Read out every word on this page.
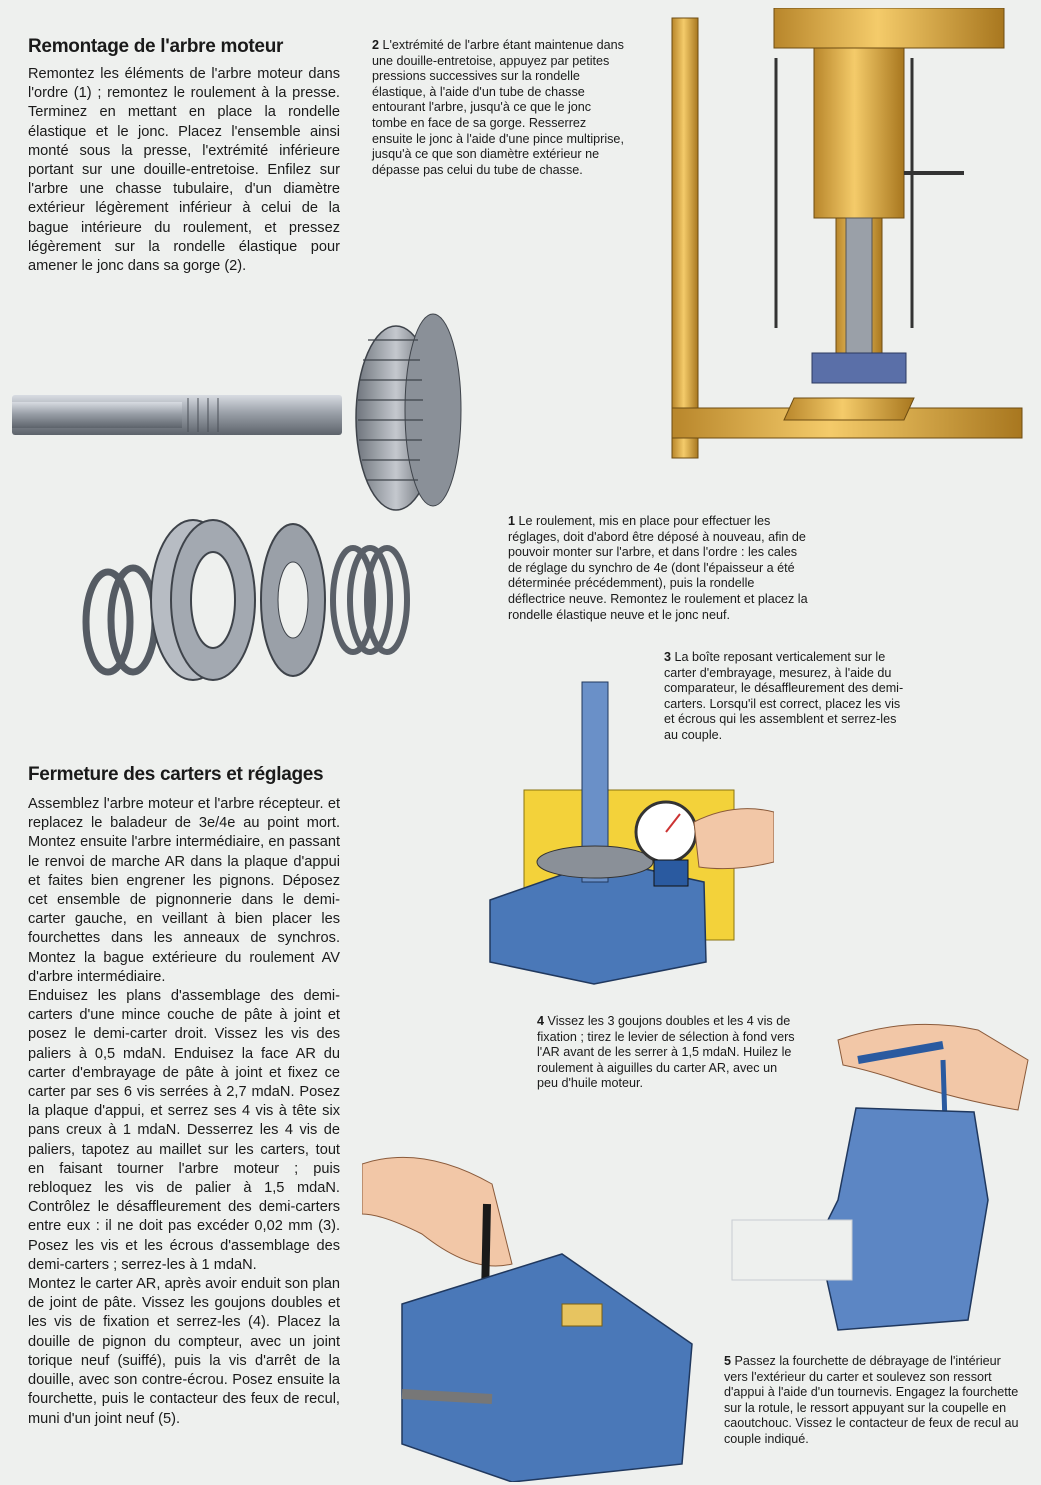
Remontage de l'arbre moteur
Remontez les éléments de l'arbre moteur dans l'ordre (1) ; remontez le roulement à la presse. Terminez en mettant en place la rondelle élastique et le jonc. Placez l'ensemble ainsi monté sous la presse, l'extrémité inférieure portant sur une douille-entretoise. Enfilez sur l'arbre une chasse tubulaire, d'un diamètre extérieur légèrement inférieur à celui de la bague intérieure du roulement, et pressez légèrement sur la rondelle élastique pour amener le jonc dans sa gorge (2).
Fermeture des carters et réglages

Assemblez l'arbre moteur et l'arbre récepteur. et replacez le baladeur de 3e/4e au point mort. Montez ensuite l'arbre intermédiaire, en passant le renvoi de marche AR dans la plaque d'appui et faites bien engrener les pignons. Déposez cet ensemble de pignonnerie dans le demi-carter gauche, en veillant à bien placer les fourchettes dans les anneaux de synchros. Montez la bague extérieure du roulement AV d'arbre intermédiaire.

Enduisez les plans d'assemblage des demi-carters d'une mince couche de pâte à joint et posez le demi-carter droit. Vissez les vis des paliers à 0,5 mdaN. Enduisez la face AR du carter d'embrayage de pâte à joint et fixez ce carter par ses 6 vis serrées à 2,7 mdaN. Posez la plaque d'appui, et serrez ses 4 vis à tête six pans creux à 1 mdaN. Desserrez les 4 vis de paliers, tapotez au maillet sur les carters, tout en faisant tourner l'arbre moteur ; puis rebloquez les vis de palier à 1,5 mdaN. Contrôlez le désaffleurement des demi-carters entre eux : il ne doit pas excéder 0,02 mm (3). Posez les vis et les écrous d'assemblage des demi-carters ; serrez-les à 1 mdaN.

Montez le carter AR, après avoir enduit son plan de joint de pâte. Vissez les goujons doubles et les vis de fixation et serrez-les (4). Placez la douille de pignon du compteur, avec un joint torique neuf (suiffé), puis la vis d'arrêt de la douille, avec son contre-écrou. Posez ensuite la fourchette, puis le contacteur des feux de recul, muni d'un joint neuf (5).

2 L'extrémité de l'arbre étant maintenue dans une douille-entretoise, appuyez par petites pressions successives sur la rondelle élastique, à l'aide d'un tube de chasse entourant l'arbre, jusqu'à ce que le jonc tombe en face de sa gorge. Resserrez ensuite le jonc à l'aide d'une pince multiprise, jusqu'à ce que son diamètre extérieur ne dépasse pas celui du tube de chasse.
1 Le roulement, mis en place pour effectuer les réglages, doit d'abord être déposé à nouveau, afin de pouvoir monter sur l'arbre, et dans l'ordre : les cales de réglage du synchro de 4e (dont l'épaisseur a été déterminée précédemment), puis la rondelle déflectrice neuve. Remontez le roulement et placez la rondelle élastique neuve et le jonc neuf.
3 La boîte reposant verticalement sur le carter d'embrayage, mesurez, à l'aide du comparateur, le désaffleurement des demi-carters. Lorsqu'il est correct, placez les vis et écrous qui les assemblent et serrez-les au couple.
4 Vissez les 3 goujons doubles et les 4 vis de fixation ; tirez le levier de sélection à fond vers l'AR avant de les serrer à 1,5 mdaN. Huilez le roulement à aiguilles du carter AR, avec un peu d'huile moteur.
5 Passez la fourchette de débrayage de l'intérieur vers l'extérieur du carter et soulevez son ressort d'appui à l'aide d'un tournevis. Engagez la fourchette sur la rotule, le ressort appuyant sur la coupelle en caoutchouc. Vissez le contacteur de feux de recul au couple indiqué.
